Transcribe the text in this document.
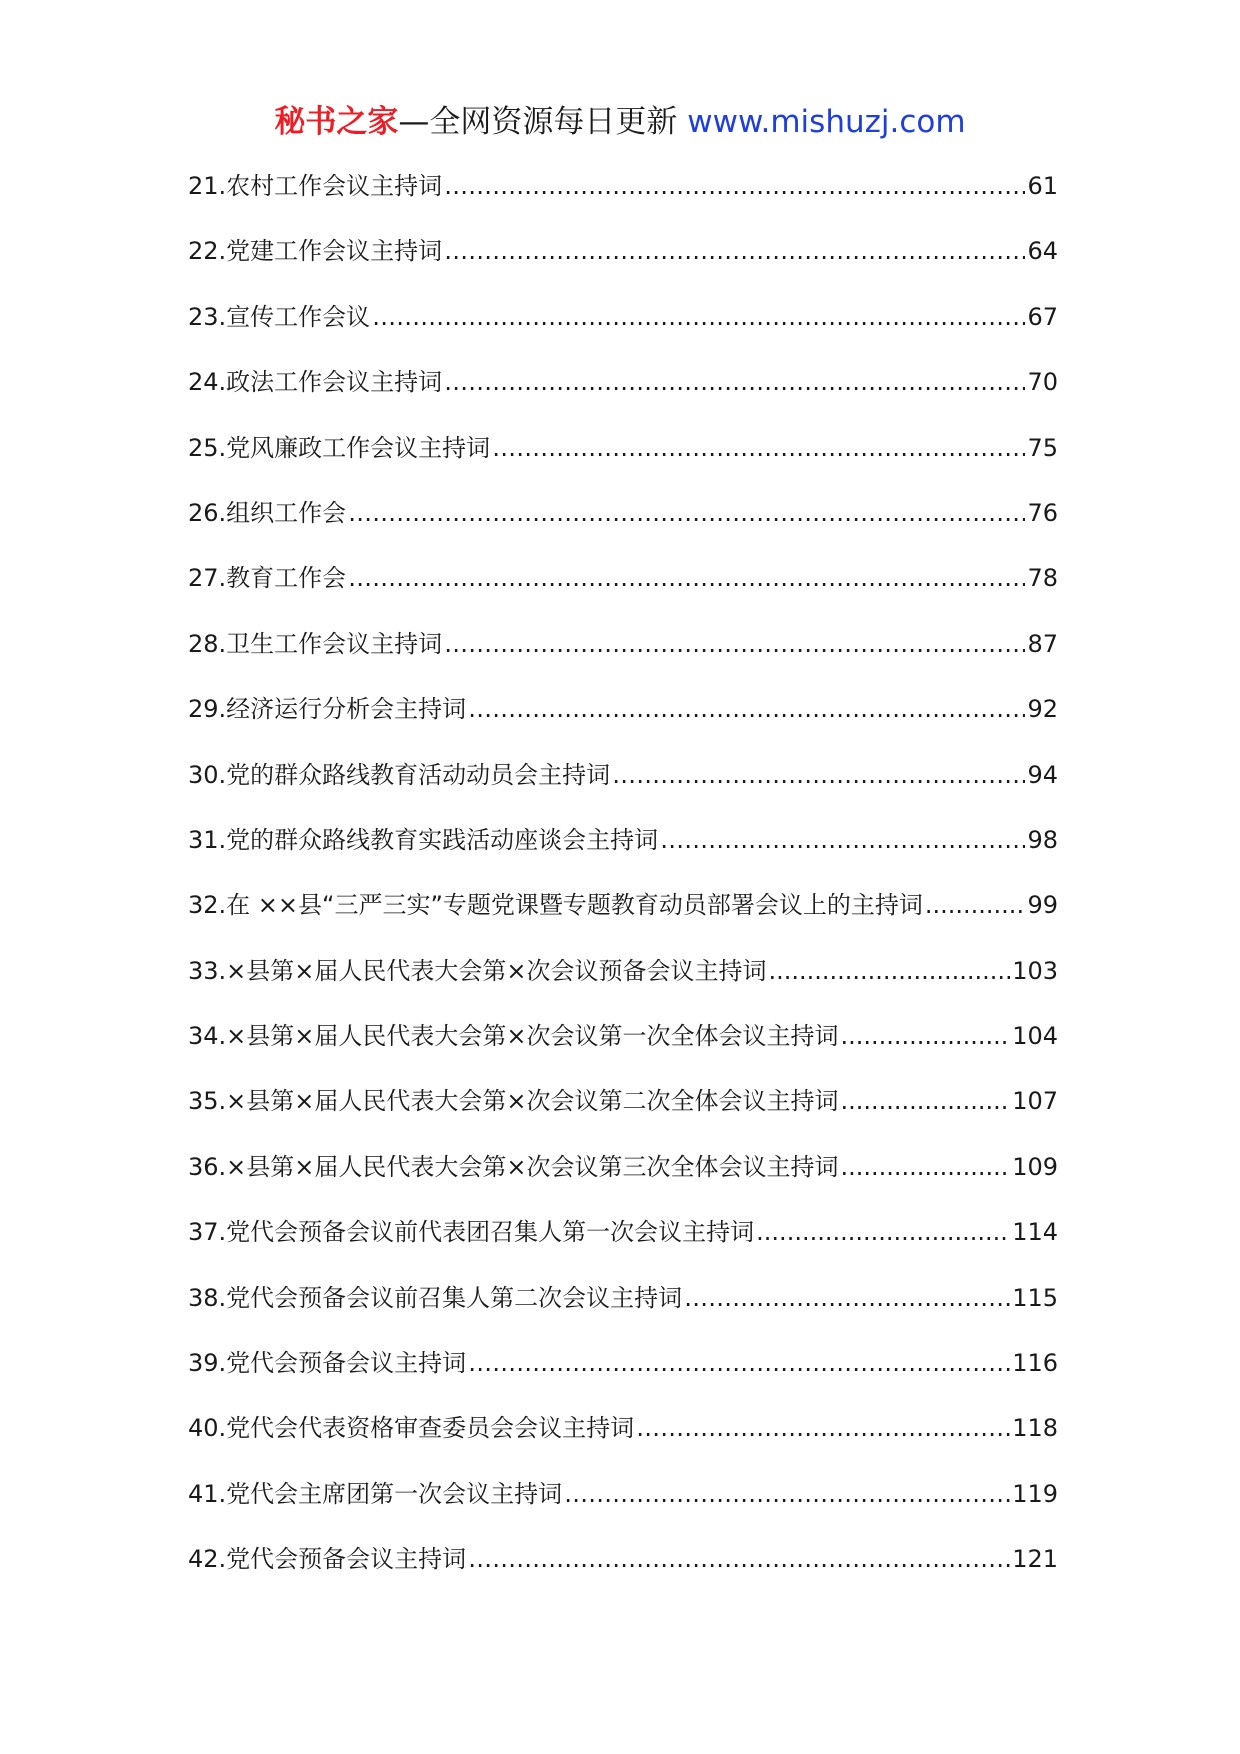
秘书之家—全网资源每日更新 www.mishuzj.com
21.农村工作会议主持词 ……………………………………………………………………………………………………………………………………………………………………	61
22.党建工作会议主持词 ……………………………………………………………………………………………………………………………………………………………………	64
23.宣传工作会议 ……………………………………………………………………………………………………………………………………………………………………	67
24.政法工作会议主持词 ……………………………………………………………………………………………………………………………………………………………………	70
25.党风廉政工作会议主持词 ……………………………………………………………………………………………………………………………………………………………………	75
26.组织工作会 ……………………………………………………………………………………………………………………………………………………………………	76
27.教育工作会 ……………………………………………………………………………………………………………………………………………………………………	78
28.卫生工作会议主持词 ……………………………………………………………………………………………………………………………………………………………………	87
29.经济运行分析会主持词 ……………………………………………………………………………………………………………………………………………………………………	92
30.党的群众路线教育活动动员会主持词 ……………………………………………………………………………………………………………………………………………………………………	94
31.党的群众路线教育实践活动座谈会主持词 ……………………………………………………………………………………………………………………………………………………………………	98
32.在 ××县“三严三实”专题党课暨专题教育动员部署会议上的主持词 .....	99
33.×县第×届人民代表大会第×次会议预备会议主持词 .....	103
34.×县第×届人民代表大会第×次会议第一次全体会议主持词 .....	104
35.×县第×届人民代表大会第×次会议第二次全体会议主持词 .....	107
36.×县第×届人民代表大会第×次会议第三次全体会议主持词 .....	109
37.党代会预备会议前代表团召集人第一次会议主持词 .....	114
38.党代会预备会议前召集人第二次会议主持词 ……………………………………………………………………………………………………………………………………………………………………	115
39.党代会预备会议主持词 ……………………………………………………………………………………………………………………………………………………………………	116
40.党代会代表资格审查委员会会议主持词 ……………………………………………………………………………………………………………………………………………………………………	118
41.党代会主席团第一次会议主持词 ……………………………………………………………………………………………………………………………………………………………………	119
42.党代会预备会议主持词 ……………………………………………………………………………………………………………………………………………………………………	121
